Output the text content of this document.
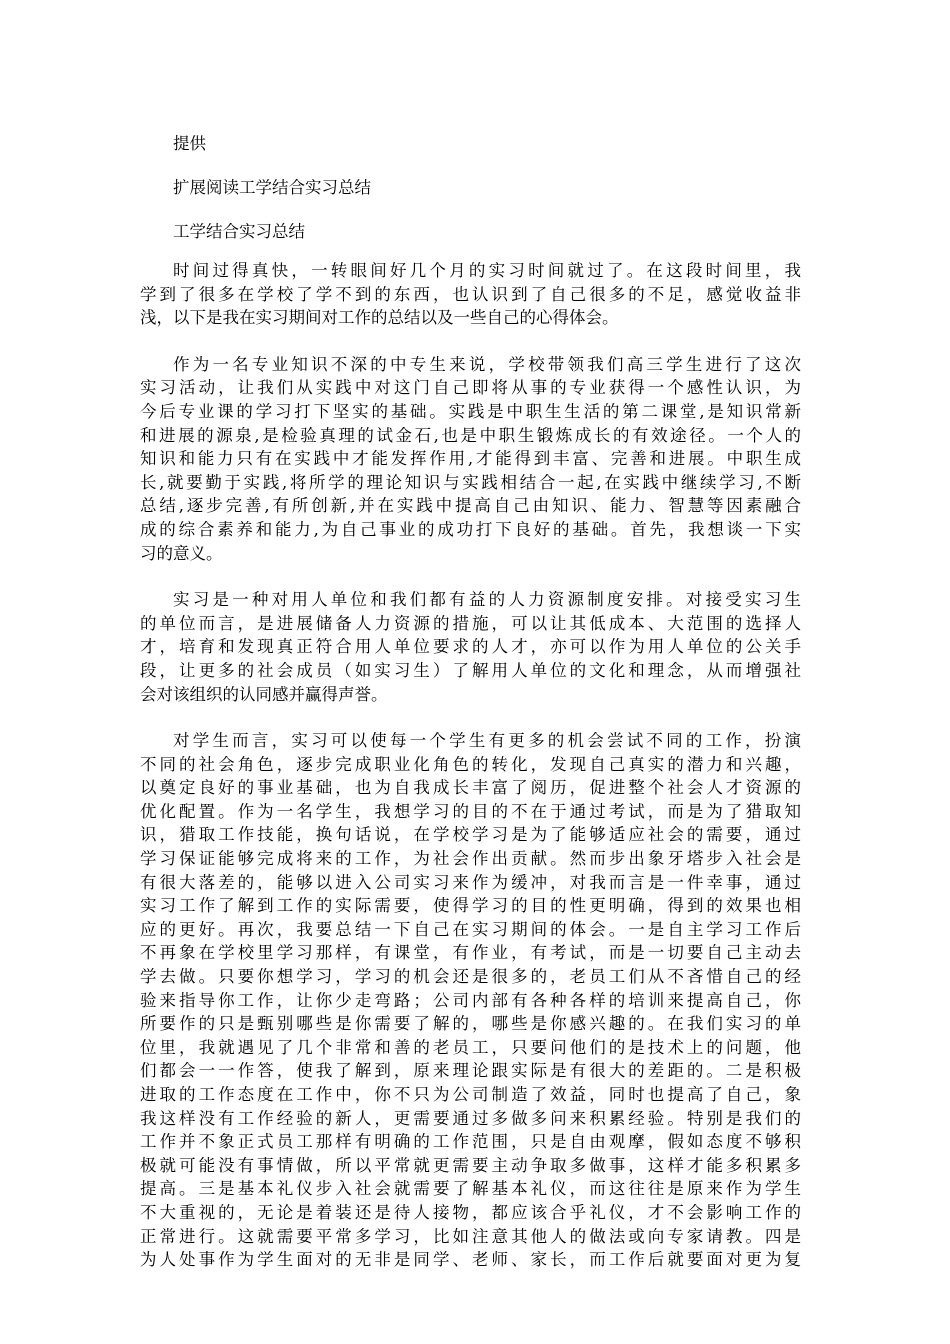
提供

扩展阅读工学结合实习总结

工学结合实习总结

时间过得真快，一转眼间好几个月的实习时间就过了。在这段时间里，我
学到了很多在学校了学不到的东西，也认识到了自己很多的不足，感觉收益非
浅，以下是我在实习期间对工作的总结以及一些自己的心得体会。
作为一名专业知识不深的中专生来说，学校带领我们高三学生进行了这次
实习活动，让我们从实践中对这门自己即将从事的专业获得一个感性认识，为
今后专业课的学习打下坚实的基础。实践是中职生生活的第二课堂,是知识常新
和进展的源泉,是检验真理的试金石,也是中职生锻炼成长的有效途径。一个人的
知识和能力只有在实践中才能发挥作用,才能得到丰富、完善和进展。中职生成
长,就要勤于实践,将所学的理论知识与实践相结合一起,在实践中继续学习,不断
总结,逐步完善,有所创新,并在实践中提高自己由知识、能力、智慧等因素融合
成的综合素养和能力,为自己事业的成功打下良好的基础。首先，我想谈一下实
习的意义。
实习是一种对用人单位和我们都有益的人力资源制度安排。对接受实习生
的单位而言，是进展储备人力资源的措施，可以让其低成本、大范围的选择人
才，培育和发现真正符合用人单位要求的人才，亦可以作为用人单位的公关手
段，让更多的社会成员（如实习生）了解用人单位的文化和理念，从而增强社
会对该组织的认同感并赢得声誉。
对学生而言，实习可以使每一个学生有更多的机会尝试不同的工作，扮演
不同的社会角色，逐步完成职业化角色的转化，发现自己真实的潜力和兴趣，
以奠定良好的事业基础，也为自我成长丰富了阅历，促进整个社会人才资源的
优化配置。作为一名学生，我想学习的目的不在于通过考试，而是为了猎取知
识，猎取工作技能，换句话说，在学校学习是为了能够适应社会的需要，通过
学习保证能够完成将来的工作，为社会作出贡献。然而步出象牙塔步入社会是
有很大落差的，能够以进入公司实习来作为缓冲，对我而言是一件幸事，通过
实习工作了解到工作的实际需要，使得学习的目的性更明确，得到的效果也相
应的更好。再次，我要总结一下自己在实习期间的体会。一是自主学习工作后
不再象在学校里学习那样，有课堂，有作业，有考试，而是一切要自己主动去
学去做。只要你想学习，学习的机会还是很多的，老员工们从不吝惜自己的经
验来指导你工作，让你少走弯路；公司内部有各种各样的培训来提高自己，你
所要作的只是甄别哪些是你需要了解的，哪些是你感兴趣的。在我们实习的单
位里，我就遇见了几个非常和善的老员工，只要问他们的是技术上的问题，他
们都会一一作答，使我了解到，原来理论跟实际是有很大的差距的。二是积极
进取的工作态度在工作中，你不只为公司制造了效益，同时也提高了自己，象
我这样没有工作经验的新人，更需要通过多做多问来积累经验。特别是我们的
工作并不象正式员工那样有明确的工作范围，只是自由观摩，假如态度不够积
极就可能没有事情做，所以平常就更需要主动争取多做事，这样才能多积累多
提高。三是基本礼仪步入社会就需要了解基本礼仪，而这往往是原来作为学生
不大重视的，无论是着装还是待人接物，都应该合乎礼仪，才不会影响工作的
正常进行。这就需要平常多学习，比如注意其他人的做法或向专家请教。四是
为人处事作为学生面对的无非是同学、老师、家长，而工作后就要面对更为复
